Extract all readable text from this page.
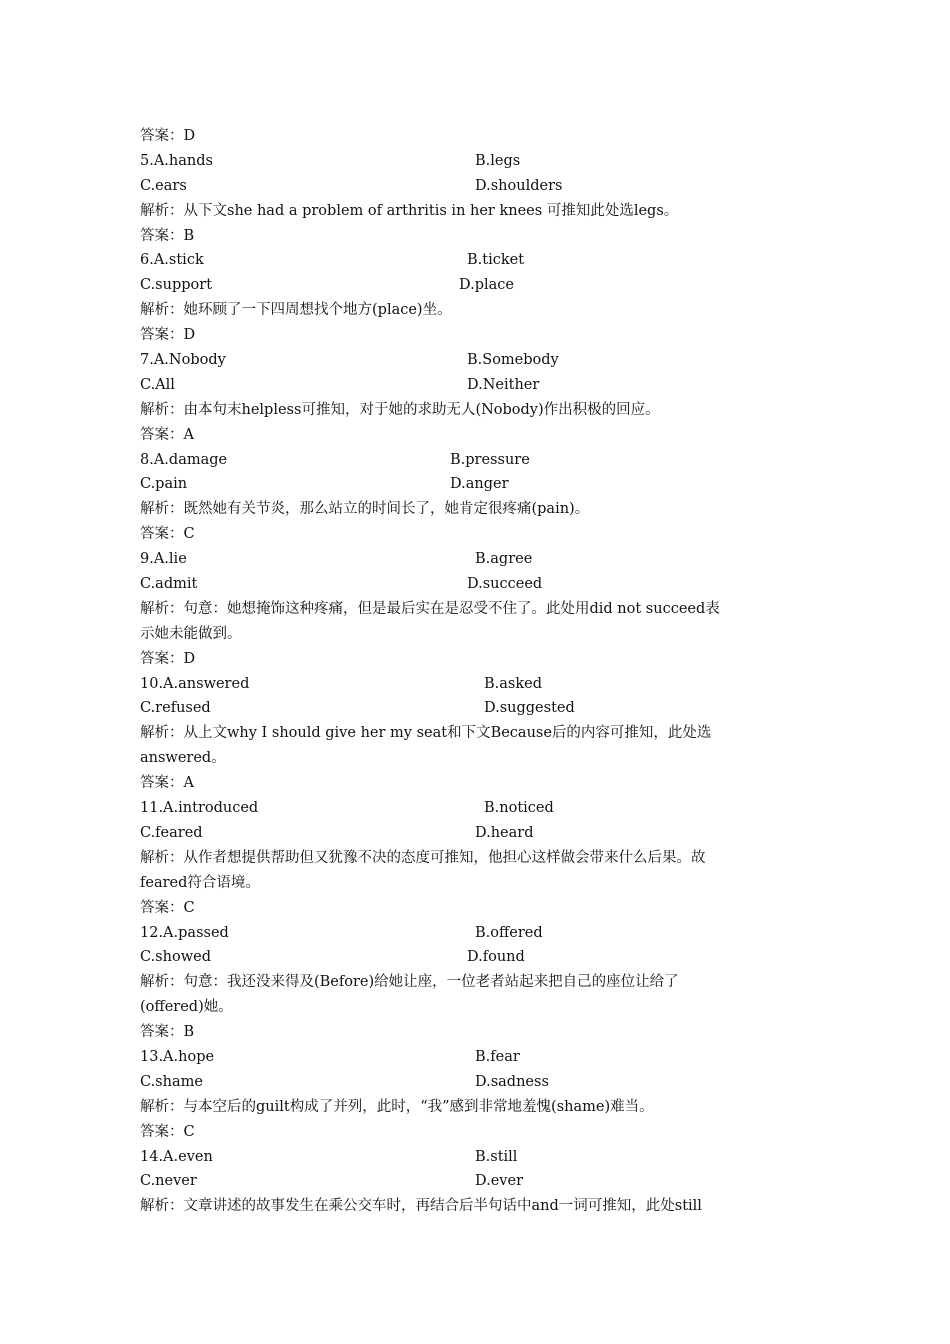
答案：D
5.A.hands	B.legs
C.ears	D.shoulders
解析：从下文she had a problem of arthritis in her knees 可推知此处选legs。
答案：B
6.A.stick	B.ticket
C.support	D.place
解析：她环顾了一下四周想找个地方(place)坐。
答案：D
7.A.Nobody	B.Somebody
C.All	D.Neither
解析：由本句末helpless可推知，对于她的求助无人(Nobody)作出积极的回应。
答案：A
8.A.damage	B.pressure
C.pain	D.anger
解析：既然她有关节炎，那么站立的时间长了，她肯定很疼痛(pain)。
答案：C
9.A.lie	B.agree
C.admit	D.succeed
解析：句意：她想掩饰这种疼痛，但是最后实在是忍受不住了。此处用did not succeed表
示她未能做到。
答案：D
10.A.answered	B.asked
C.refused	D.suggested
解析：从上文why I should give her my seat和下文Because后的内容可推知，此处选
answered。
答案：A
11.A.introduced	B.noticed
C.feared	D.heard
解析：从作者想提供帮助但又犹豫不决的态度可推知，他担心这样做会带来什么后果。故
feared符合语境。
答案：C
12.A.passed	B.offered
C.showed	D.found
解析：句意：我还没来得及(Before)给她让座，一位老者站起来把自己的座位让给了
(offered)她。
答案：B
13.A.hope	B.fear
C.shame	D.sadness
解析：与本空后的guilt构成了并列，此时，“我”感到非常地羞愧(shame)难当。
答案：C
14.A.even	B.still
C.never	D.ever
解析：文章讲述的故事发生在乘公交车时，再结合后半句话中and一词可推知，此处still
